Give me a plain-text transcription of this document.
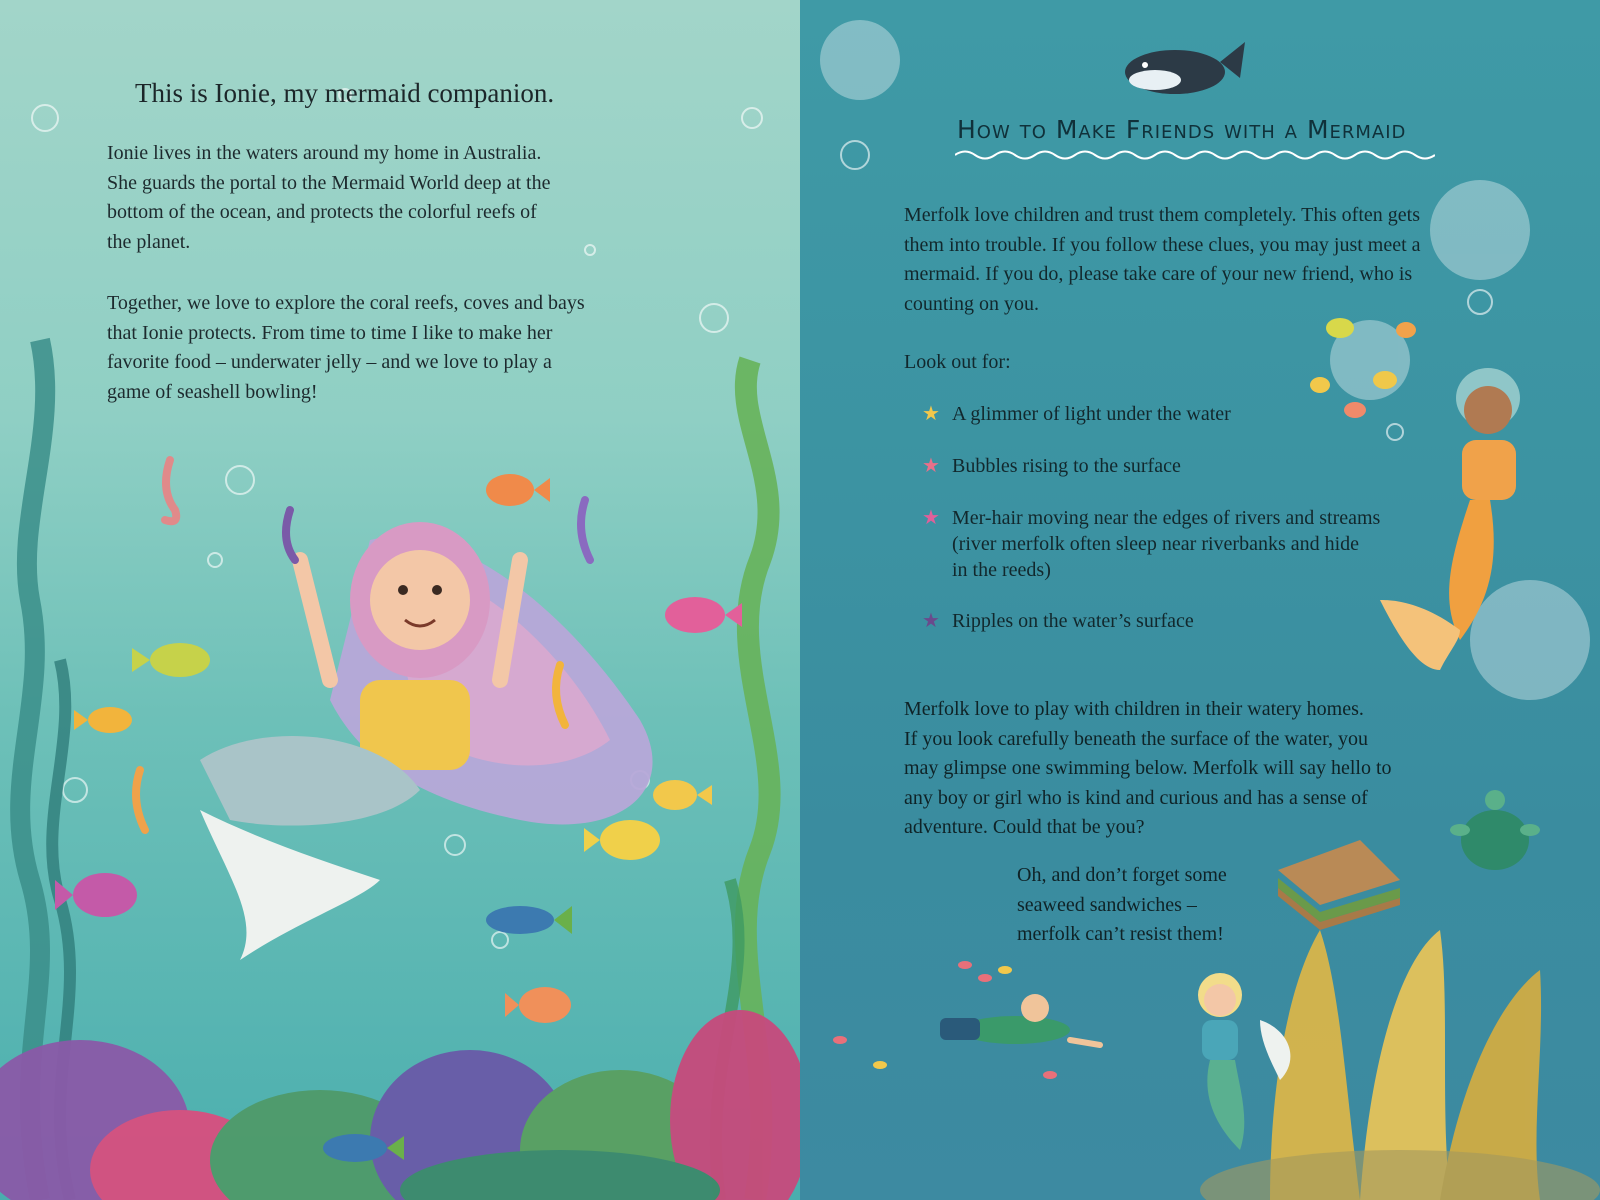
This is Ionie, my mermaid companion.
Ionie lives in the waters around my home in Australia.
She guards the portal to the Mermaid World deep at the
bottom of the ocean, and protects the colorful reefs of
the planet.
Together, we love to explore the coral reefs, coves and bays
that Ionie protects. From time to time I like to make her
favorite food – underwater jelly – and we love to play a
game of seashell bowling!
How to Make Friends with a Mermaid
Merfolk love children and trust them completely. This often gets
them into trouble. If you follow these clues, you may just meet a
mermaid. If you do, please take care of your new friend, who is
counting on you.
Look out for:
★ A glimmer of light under the water
★ Bubbles rising to the surface
★ Mer-hair moving near the edges of rivers and streams
(river merfolk often sleep near riverbanks and hide
in the reeds)
★ Ripples on the water’s surface
Merfolk love to play with children in their watery homes.
If you look carefully beneath the surface of the water, you
may glimpse one swimming below. Merfolk will say hello to
any boy or girl who is kind and curious and has a sense of
adventure. Could that be you?
Oh, and don’t forget some
seaweed sandwiches –
merfolk can’t resist them!
